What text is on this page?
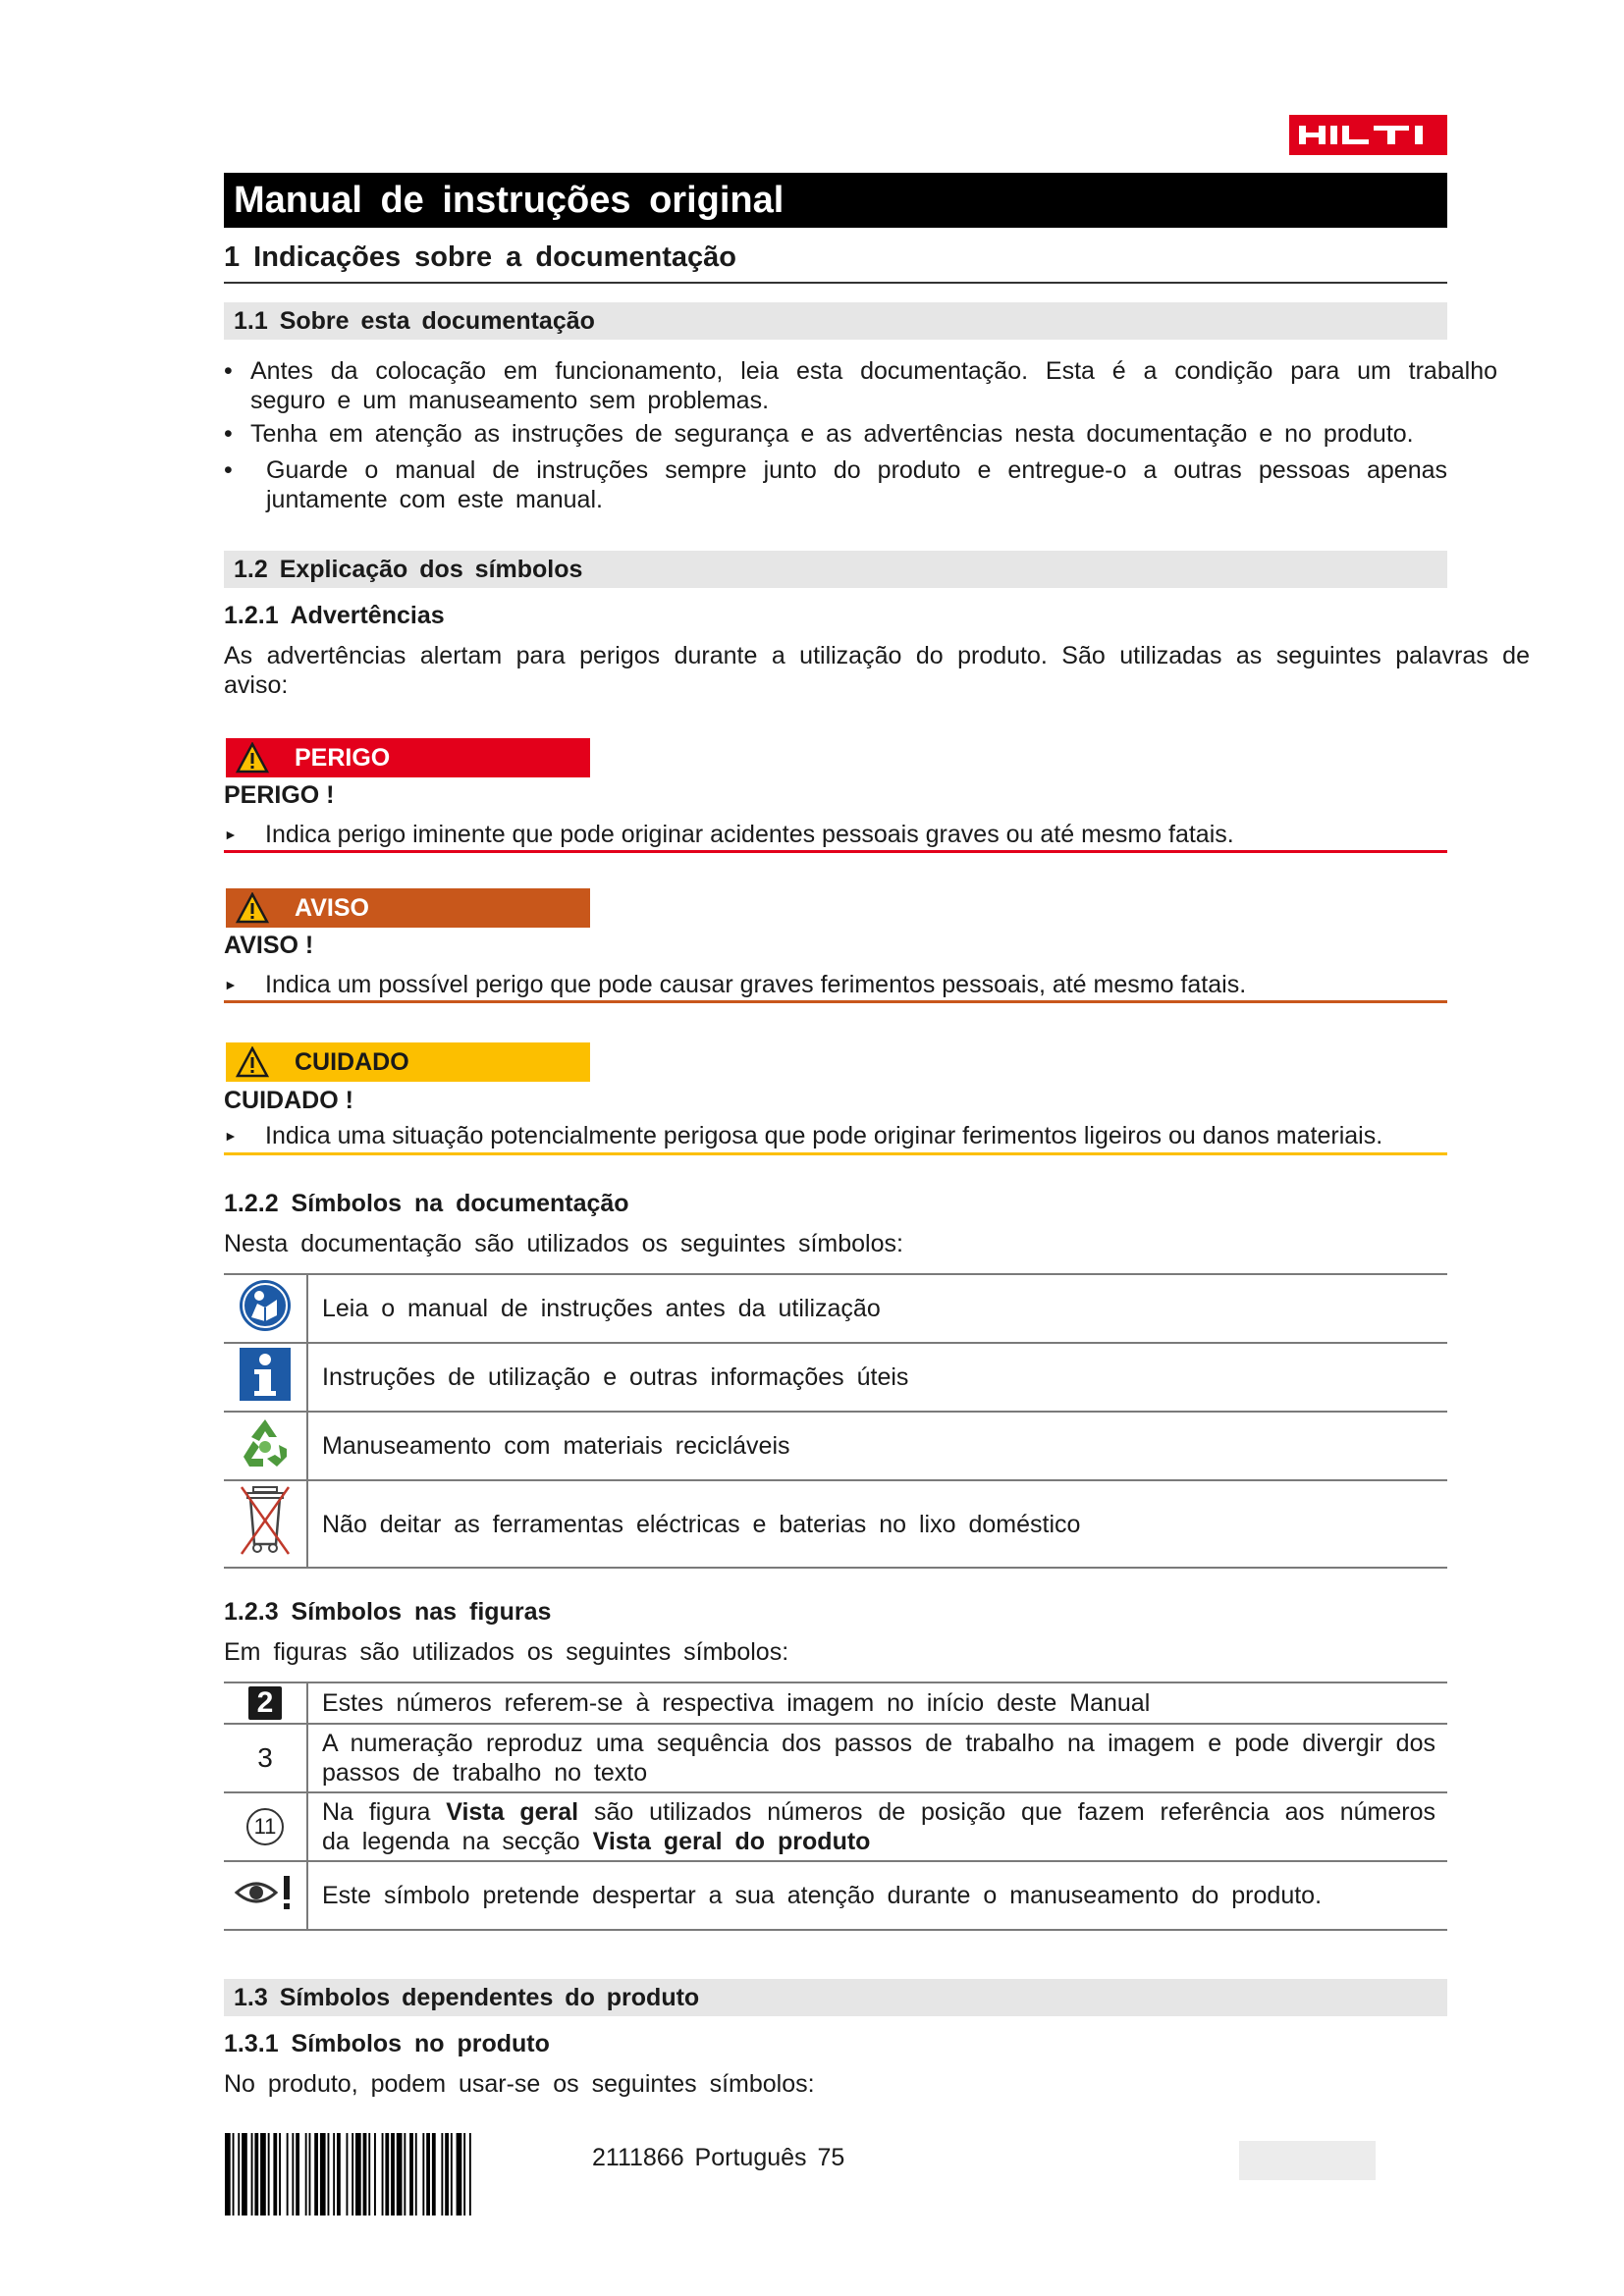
Manual de instruções original
1 Indicações sobre a documentação
1.1 Sobre esta documentação
• Antes da colocação em funcionamento, leia esta documentação. Esta é a condição para um trabalho seguro e um manuseamento sem problemas.
• Tenha em atenção as instruções de segurança e as advertências nesta documentação e no produto.
• Guarde o manual de instruções sempre junto do produto e entregue-o a outras pessoas apenas juntamente com este manual.
1.2 Explicação dos símbolos
1.2.1 Advertências
As advertências alertam para perigos durante a utilização do produto. São utilizadas as seguintes palavras de aviso:
PERIGO
PERIGO !
► Indica perigo iminente que pode originar acidentes pessoais graves ou até mesmo fatais.
AVISO
AVISO !
► Indica um possível perigo que pode causar graves ferimentos pessoais, até mesmo fatais.
CUIDADO
CUIDADO !
► Indica uma situação potencialmente perigosa que pode originar ferimentos ligeiros ou danos materiais.
1.2.2 Símbolos na documentação
Nesta documentação são utilizados os seguintes símbolos:
	Leia o manual de instruções antes da utilização
	Instruções de utilização e outras informações úteis
	Manuseamento com materiais recicláveis
	Não deitar as ferramentas eléctricas e baterias no lixo doméstico
1.2.3 Símbolos nas figuras
Em figuras são utilizados os seguintes símbolos:
2	Estes números referem-se à respectiva imagem no início deste Manual
3	A numeração reproduz uma sequência dos passos de trabalho na imagem e pode divergir dos passos de trabalho no texto
11	Na figura Vista geral são utilizados números de posição que fazem referência aos números da legenda na secção Vista geral do produto
	Este símbolo pretende despertar a sua atenção durante o manuseamento do produto.
1.3 Símbolos dependentes do produto
1.3.1 Símbolos no produto
No produto, podem usar-se os seguintes símbolos:
2111866 Português 75
